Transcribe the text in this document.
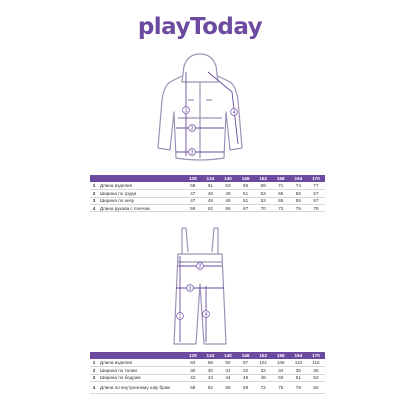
playToday
1
2
3
4
		128	134	140	146	152	158	164	170
1	Длина изделия	58	61	63	66	69	71	74	77
2	Ширина по груди	47	48	49	51	53	55	56	57
3	Ширина по низу	47	48	49	51	53	55	56	57
4	Длина рукава с плечом	59	62	66	67	70	73	75	78
1
2
3
4
		128	134	140	146	152	158	164	170
1	Длина изделия	83	88	92	97	101	106	110	115
2	Ширина по талии	30	30	31	32	33	34	35	36
3	Ширина по бедрам	42	43	44	46	48	50	51	52
4	Длина по внутреннему шву брюк	58	62	65	69	72	75	79	82
